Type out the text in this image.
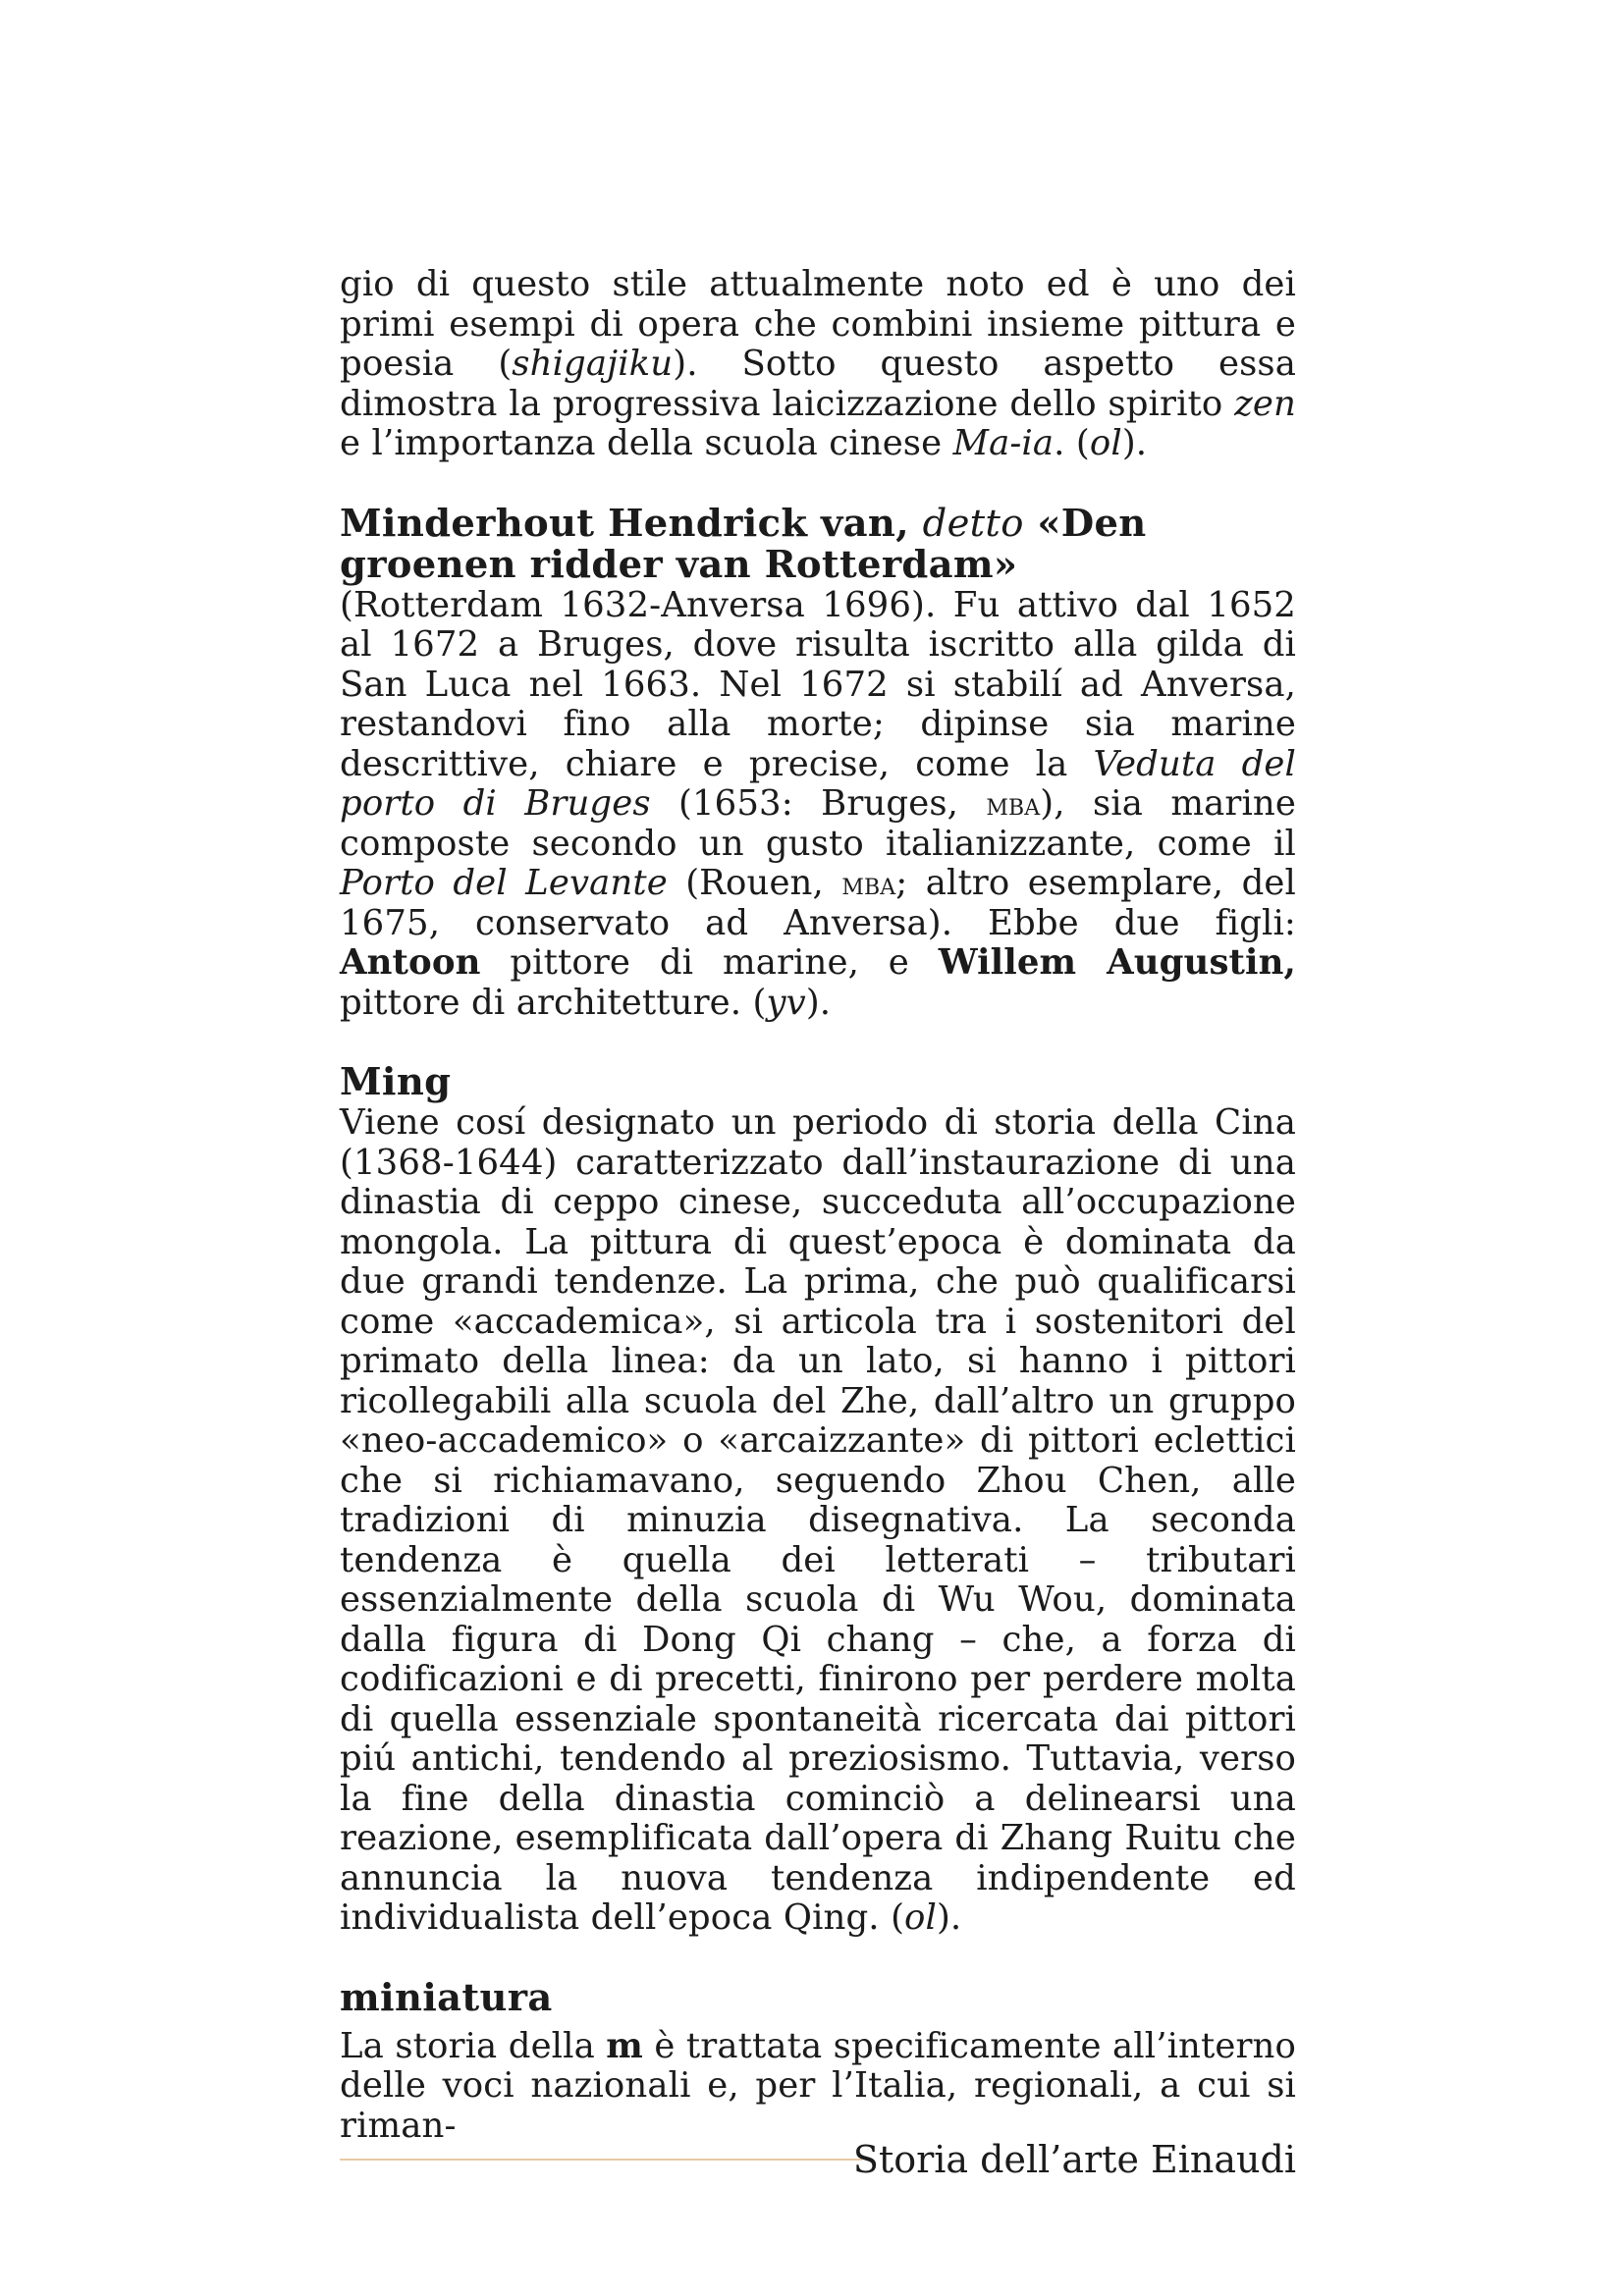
gio di questo stile attualmente noto ed è uno dei primi esempi di opera che combini insieme pittura e poesia (shigajiku). Sotto questo aspetto essa dimostra la progressiva laicizzazione dello spirito zen e l’importanza della scuola cinese Ma-ia. (ol).

Minderhout Hendrick van, detto «Den groenen ridder van Rotterdam»

(Rotterdam 1632-Anversa 1696). Fu attivo dal 1652 al 1672 a Bruges, dove risulta iscritto alla gilda di San Luca nel 1663. Nel 1672 si stabilí ad Anversa, restandovi fino alla morte; dipinse sia marine descrittive, chiare e precise, come la Veduta del porto di Bruges (1653: Bruges, mba), sia marine composte secondo un gusto italianizzante, come il Porto del Levante (Rouen, mba; altro esemplare, del 1675, conservato ad Anversa). Ebbe due figli: Antoon pittore di marine, e Willem Augustin, pittore di architetture. (yv).

Ming

Viene cosí designato un periodo di storia della Cina (1368-1644) caratterizzato dall’instaurazione di una dinastia di ceppo cinese, succeduta all’occupazione mongola. La pittura di quest’epoca è dominata da due grandi tendenze. La prima, che può qualificarsi come «accademica», si articola tra i sostenitori del primato della linea: da un lato, si hanno i pittori ricollegabili alla scuola del Zhe, dall’altro un gruppo «neo-accademico» o «arcaizzante» di pittori eclettici che si richiamavano, seguendo Zhou Chen, alle tradizioni di minuzia disegnativa. La seconda tendenza è quella dei letterati – tributari essenzialmente della scuola di Wu Wou, dominata dalla figura di Dong Qi chang – che, a forza di codificazioni e di precetti, finirono per perdere molta di quella essenziale spontaneità ricercata dai pittori piú antichi, tendendo al preziosismo. Tuttavia, verso la fine della dinastia cominciò a delinearsi una reazione, esemplificata dall’opera di Zhang Ruitu che annuncia la nuova tendenza indipendente ed individualista dell’epoca Qing. (ol).

miniatura

La storia della m è trattata specificamente all’interno delle voci nazionali e, per l’Italia, regionali, a cui si riman-

Storia dell’arte Einaudi
